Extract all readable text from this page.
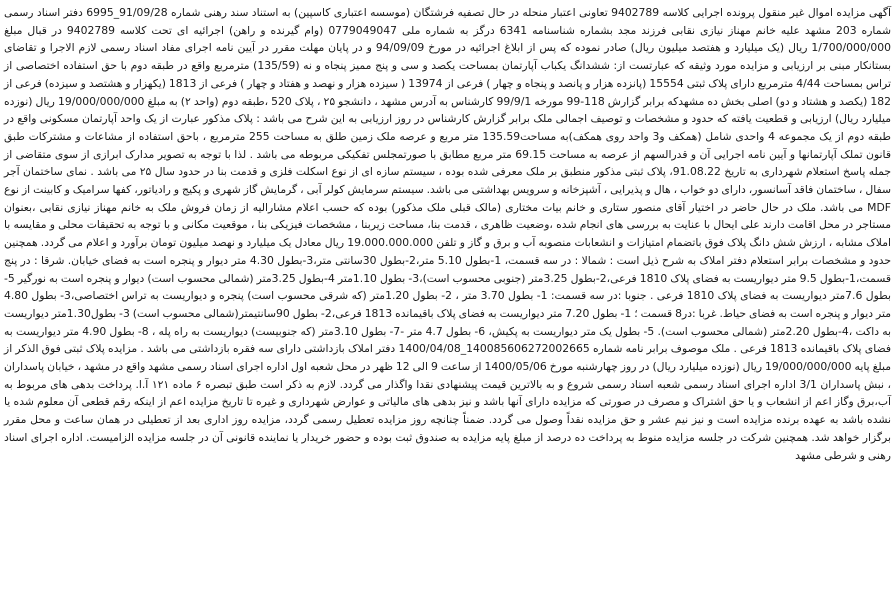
آگهی مزایده اموال غیر منقول پرونده اجرایی کلاسه 9402789 تعاونی اعتبار منحله در حال تصفیه فرشتگان (موسسه اعتباری کاسپین) به استناد سند رهنی شماره 91/09/28_6995 دفتر اسناد رسمی شماره 203 مشهد علیه خانم مهناز نیازی نقابی فرزند مجد بشماره شناسنامه 6341 درگز به شماره ملی 0779049047 (وام گیرنده و راهن) اجرائیه ای تحت کلاسه 9402789 در قبال مبلغ 1/700/000/000 ریال (یک میلیارد و هفتصد میلیون ریال) صادر نموده که پس از ابلاغ اجرائیه در مورخ 94/09/09 و در پایان مهلت مقرر در آیین نامه اجرای مفاد اسناد رسمی لازم الاجرا و تقاضای بستانکار مبنی بر ارزیابی و مزایده مورد وثیقه که عبارتست از: ششدانگ یکباب آپارتمان بمساحت یکصد و سی و پنج ممیز پنجاه و نه (135/59) مترمربع واقع در طبقه دوم با حق استفاده اختصاصی از تراس بمساحت 4/44 مترمربع دارای پلاک ثبتی 15554 (پانزده هزار و پانصد و پنجاه و چهار ) فرعی از 13974 ( سیزده هزار و نهصد و هفتاد و چهار ) فرعی از 1813 (یکهزار و هشتصد و سیزده) فرعی از 182 (یکصد و هشتاد و دو) اصلی بخش ده مشهدکه برابر گزارش 118-99 مورخه 99/9/1 کارشناس به آدرس مشهد ، دانشجو ۲۵ ، پلاک 520 ،طبقه دوم (واحد ۲) به مبلغ 19/000/000/000 ریال (نوزده میلیارد ریال) ارزیابی و قطعیت یافته که حدود و مشخصات و توصیف اجمالی ملک برابر گزارش کارشناس در روز ارزیابی به این شرح می باشد : پلاک مذکور عبارت از یک واحد آپارتمان مسکونی واقع در طبقه دوم از یک مجموعه 4 واحدی شامل (همکف و3 واحد روی همکف)به مساحت135.59 متر مربع و عرصه ملک زمین طلق به مساحت 255 مترمربع ، باحق استفاده از مشاعات و مشترکات طبق قانون تملک آپارتمانها و آیین نامه اجرایی آن و قدرالسهم از عرصه به مساحت 69.15 متر مربع مطابق با صورتمجلس تفکیکی مربوطه می باشد . لذا با توجه به تصویر مدارک ابرازی از سوی متقاضی از جمله پاسخ استعلام شهرداری به تاریخ 91.08.22، پلاک ثبتی مذکور منطبق بر ملک معرفی شده بوده ، سیستم سازه ای از نوع اسکلت فلزی و قدمت بنا در حدود سال ۲۵ می باشد . نمای ساختمان آجر سفال ، ساختمان فاقد آسانسور، دارای دو خواب ، هال و پذیرایی ، آشپزخانه و سرویس بهداشتی می باشد. سیستم سرمایش کولر آبی ، گرمایش گاز شهری و پکیج و رادیاتور، کفها سرامیک و کابینت از نوع MDF می باشد. ملک در حال حاضر در اختیار آقای منصور ستاری و خانم بیات مختاری (مالک قبلی ملک مذکور) بوده که حسب اعلام مشارالیه از زمان فروش ملک به خانم مهناز نیازی نقابی ،بعنوان مستاجر در محل اقامت دارند علی ایحال با عنایت به بررسی های انجام شده ،وضعیت ظاهری ، قدمت بنا، مساحت زیربنا ، مشخصات فیزیکی بنا ، موقعیت مکانی و با توجه به تحقیقات محلی و مقایسه با املاک مشابه ، ارزش شش دانگ پلاک فوق باتضمام امتیازات و انشعابات منصوبه آب و برق و گاز و تلفن 19.000.000.000 ریال معادل یک میلیارد و نهصد میلیون تومان برآورد و اعلام می گردد. همچنین حدود و مشخصات برابر استعلام دفتر املاک به شرح ذیل است : شمالا : در سه قسمت، 1-بطول 5.10 متر،2-بطول 30سانتی متر،3-بطول 4.30 متر دیوار و پنجره است به فضای خیابان. شرقا : در پنج قسمت،1-بطول 9.5 متر دیواریست به فضای پلاک 1810 فرعی،2-بطول 3.25متر (جنوبی محسوب است)،3- بطول 1.10متر 4-بطول 3.25متر (شمالی محسوب است) دیوار و پنجره است به نورگیر 5-بطول 7.6متر دیواریست به فضای پلاک 1810 فرعی . جنوبا :در سه قسمت: 1- بطول 3.70 متر ، 2- بطول 1.20متر (که شرقی محسوب است) پنجره و دیواریست به تراس اختصاصی،3- بطول 4.80 متر دیوار و پنجره است به فضای حیاط. غربا :در8 قسمت ؛ 1- بطول 7.20 متر دیواریست به فضای پلاک باقیمانده 1813 فرعی،2- بطول 90سانتیمتر(شمالی محسوب است) 3- بطول1.30متر دیواریست به داکت ،4-بطول 2.20متر (شمالی محسوب است). 5- بطول یک متر دیواریست به پکیش، 6- بطول 4.7 متر -7- بطول 3.10متر (که جنوبیست) دیواریست به راه پله ، 8- بطول 4.90 متر دیواریست به فضای پلاک باقیمانده 1813 فرعی . ملک موصوف برابر نامه شماره 140085606272002665_1400/04/08 دفتر املاک بازداشتی دارای سه فقره بازداشتی می باشد . مزایده پلاک ثبتی فوق الذکر از مبلغ پایه 19/000/000/000 ریال (نوزده میلیارد ریال) در روز چهارشنبه مورخ 1400/05/06 از ساعت 9 الی 12 ظهر در محل شعبه اول اداره اجرای اسناد رسمی مشهد واقع در مشهد ، خیابان پاسداران ، نبش پاسداران 3/1 اداره اجرای اسناد رسمی شعبه اسناد رسمی شروع و به بالاترین قیمت پیشنهادی نقدا واگذار می گردد. لازم به ذکر است طبق تبصره ۶ ماده ۱۲۱ آ.ا. پرداخت بدهی های مربوط به آب،برق وگاز اعم از انشعاب و یا حق اشتراک و مصرف در صورتی که مزایده دارای آنها باشد و نیز بدهی های مالیاتی و عوارض شهرداری و غیره تا تاریخ مزایده اعم از اینکه رقم قطعی آن معلوم شده یا نشده باشد به عهده برنده مزایده است و نیز نیم عشر و حق مزایده نقداً وصول می گردد. ضمناً چنانچه روز مزایده تعطیل رسمی گردد، مزایده روز اداری بعد از تعطیلی در همان ساعت و محل مقرر برگزار خواهد شد. همچنین شرکت در جلسه مزایده منوط به پرداخت ده درصد از مبلغ پایه مزایده به صندوق ثبت بوده و حضور خریدار یا نماینده قانونی آن در جلسه مزایده الزامیست. اداره اجرای اسناد رهنی و شرطی مشهد
